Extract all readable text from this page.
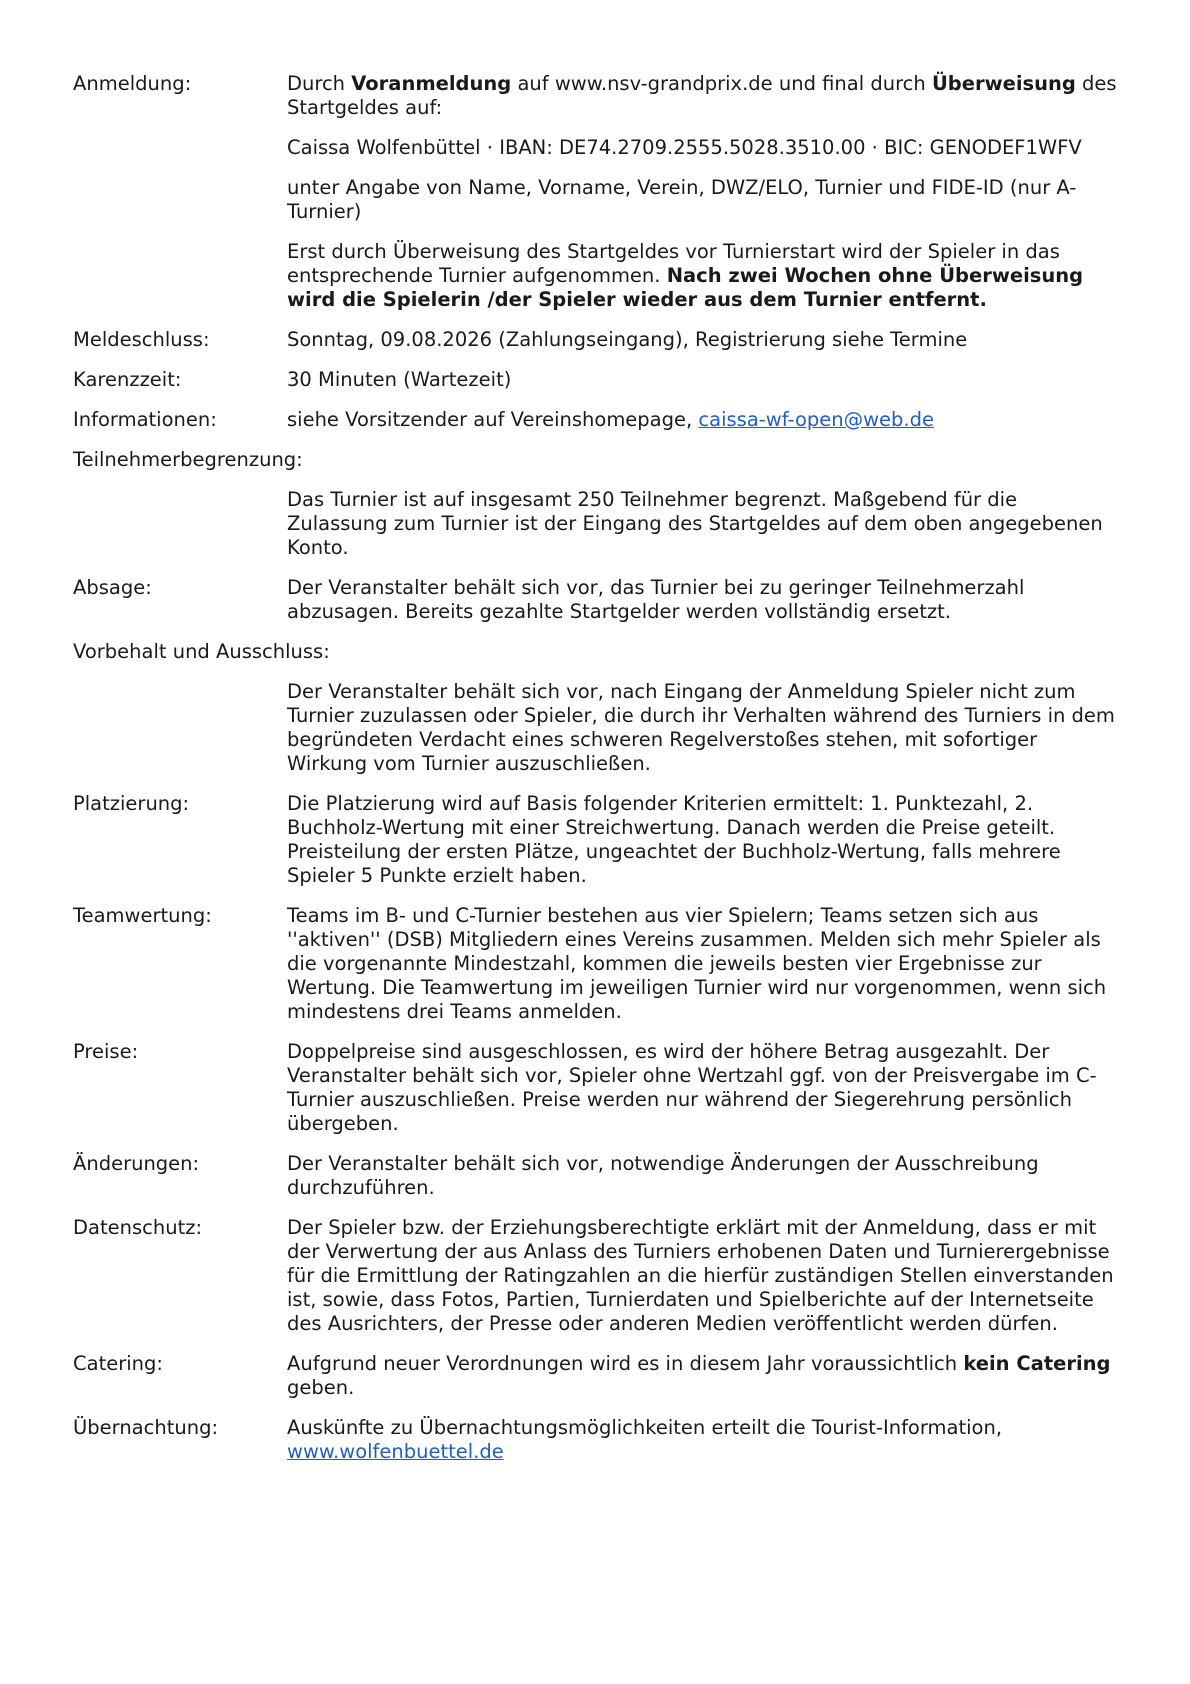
Anmeldung:	Durch Voranmeldung auf www.nsv-grandprix.de und final durch Überweisung des Startgeldes auf:

Caissa Wolfenbüttel · IBAN: DE74.2709.2555.5028.3510.00 · BIC: GENODEF1WFV

unter Angabe von Name, Vorname, Verein, DWZ/ELO, Turnier und FIDE-ID (nur A-Turnier)

Erst durch Überweisung des Startgeldes vor Turnierstart wird der Spieler in das entsprechende Turnier aufgenommen. Nach zwei Wochen ohne Überweisung wird die Spielerin /der Spieler wieder aus dem Turnier entfernt.

Meldeschluss:	Sonntag, 09.08.2026 (Zahlungseingang), Registrierung siehe Termine
Karenzzeit:	30 Minuten (Wartezeit)
Informationen:	siehe Vorsitzender auf Vereinshomepage, caissa-wf-open@web.de
Teilnehmerbegrenzung:
Das Turnier ist auf insgesamt 250 Teilnehmer begrenzt. Maßgebend für die Zulassung zum Turnier ist der Eingang des Startgeldes auf dem oben angegebenen Konto.
Absage:	Der Veranstalter behält sich vor, das Turnier bei zu geringer Teilnehmerzahl abzusagen. Bereits gezahlte Startgelder werden vollständig ersetzt.
Vorbehalt und Ausschluss:
Der Veranstalter behält sich vor, nach Eingang der Anmeldung Spieler nicht zum Turnier zuzulassen oder Spieler, die durch ihr Verhalten während des Turniers in dem begründeten Verdacht eines schweren Regelverstoßes stehen, mit sofortiger Wirkung vom Turnier auszuschließen.
Platzierung:	Die Platzierung wird auf Basis folgender Kriterien ermittelt: 1. Punktezahl, 2. Buchholz-Wertung mit einer Streichwertung. Danach werden die Preise geteilt. Preisteilung der ersten Plätze, ungeachtet der Buchholz-Wertung, falls mehrere Spieler 5 Punkte erzielt haben.
Teamwertung:	Teams im B- und C-Turnier bestehen aus vier Spielern; Teams setzen sich aus ''aktiven'' (DSB) Mitgliedern eines Vereins zusammen. Melden sich mehr Spieler als die vorgenannte Mindestzahl, kommen die jeweils besten vier Ergebnisse zur Wertung. Die Teamwertung im jeweiligen Turnier wird nur vorgenommen, wenn sich mindestens drei Teams anmelden.
Preise:	Doppelpreise sind ausgeschlossen, es wird der höhere Betrag ausgezahlt. Der Veranstalter behält sich vor, Spieler ohne Wertzahl ggf. von der Preisvergabe im C-Turnier auszuschließen. Preise werden nur während der Siegerehrung persönlich übergeben.
Änderungen:	Der Veranstalter behält sich vor, notwendige Änderungen der Ausschreibung durchzuführen.
Datenschutz:	Der Spieler bzw. der Erziehungsberechtigte erklärt mit der Anmeldung, dass er mit der Verwertung der aus Anlass des Turniers erhobenen Daten und Turnierergebnisse für die Ermittlung der Ratingzahlen an die hierfür zuständigen Stellen einverstanden ist, sowie, dass Fotos, Partien, Turnierdaten und Spielberichte auf der Internetseite des Ausrichters, der Presse oder anderen Medien veröffentlicht werden dürfen.
Catering:	Aufgrund neuer Verordnungen wird es in diesem Jahr voraussichtlich kein Catering geben.
Übernachtung:	Auskünfte zu Übernachtungsmöglichkeiten erteilt die Tourist-Information, www.wolfenbuettel.de
